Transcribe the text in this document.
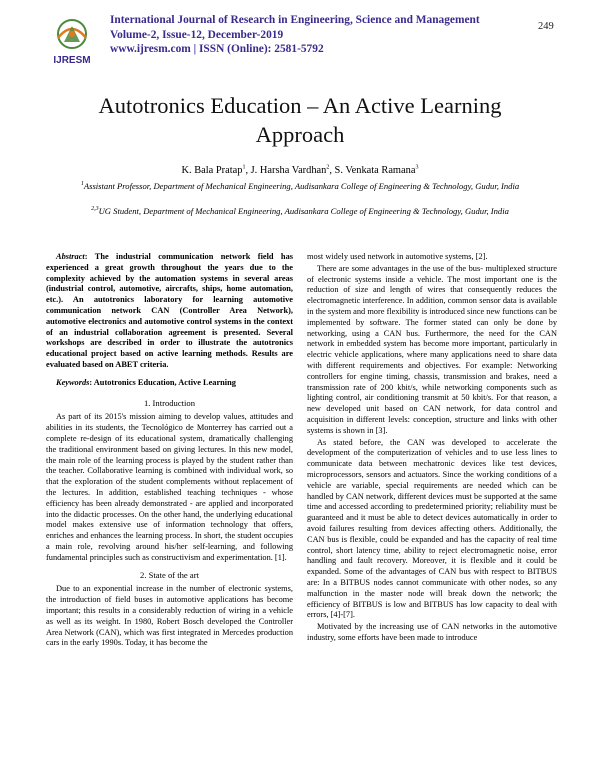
IJRESM
International Journal of Research in Engineering, Science and Management
Volume-2, Issue-12, December-2019
www.ijresm.com | ISSN (Online): 2581-5792
249
Autotronics Education – An Active Learning
Approach
K. Bala Pratap$^1$, J. Harsha Vardhan$^2$, S. Venkata Ramana$^3$
$^1$Assistant Professor, Department of Mechanical Engineering, Audisankara College of Engineering & Technology, Gudur, India
$^{2,3}$UG Student, Department of Mechanical Engineering, Audisankara College of Engineering & Technology, Gudur, India

Abstract: The industrial communication network field has experienced a great growth throughout the years due to the complexity achieved by the automation systems in several areas (industrial control, automotive, aircrafts, ships, home automation, etc.). An autotronics laboratory for learning automotive communication network CAN (Controller Area Network), automotive electronics and automotive control systems in the context of an industrial collaboration agreement is presented. Several workshops are described in order to illustrate the autotronics educational project based on active learning methods. Results are evaluated based on ABET criteria.

Keywords: Autotronics Education, Active Learning

1. Introduction

As part of its 2015's mission aiming to develop values, attitudes and abilities in its students, the Tecnológico de Monterrey has carried out a complete re-design of its educational system, dramatically challenging the traditional environment based on giving lectures. In this new model, the main role of the learning process is played by the student rather than the teacher. Collaborative learning is combined with individual work, so that the exploration of the student complements without replacement of the lectures. In addition, established teaching techniques - whose efficiency has been already demonstrated - are applied and incorporated into the didactic processes. On the other hand, the underlying educational model makes extensive use of information technology that offers, enriches and enhances the learning process. In short, the student occupies a main role, revolving around his/her self-learning, and following fundamental principles such as constructivism and experimentation. [1].

2. State of the art

Due to an exponential increase in the number of electronic systems, the introduction of field buses in automotive applications has become important; this results in a considerably reduction of wiring in a vehicle as well as its weight. In 1980, Robert Bosch developed the Controller Area Network (CAN), which was first integrated in Mercedes production cars in the early 1990s. Today, it has become the

most widely used network in automotive systems, [2].

There are some advantages in the use of the bus- multiplexed structure of electronic systems inside a vehicle. The most important one is the reduction of size and length of wires that consequently reduces the electromagnetic interference. In addition, common sensor data is available in the system and more flexibility is introduced since new functions can be implemented by software. The former stated can only be done by networking, using a CAN bus. Furthermore, the need for the CAN network in embedded system has become more important, particularly in electric vehicle applications, where many applications need to share data with different requirements and objectives. For example: Networking controllers for engine timing, chassis, transmission and brakes, need a transmission rate of 200 kbit/s, while networking components such as lighting control, air conditioning transmit at 50 kbit/s. For that reason, a new developed unit based on CAN network, for data control and acquisition in different levels: conception, structure and links with other systems is shown in [3].

As stated before, the CAN was developed to accelerate the development of the computerization of vehicles and to use less lines to communicate data between mechatronic devices like test devices, microprocessors, sensors and actuators. Since the working conditions of a vehicle are variable, special requirements are needed which can be handled by CAN network, different devices must be supported at the same time and accessed according to predetermined priority; reliability must be guaranteed and it must be able to detect devices automatically in order to avoid failures resulting from devices affecting others. Additionally, the CAN bus is flexible, could be expanded and has the capacity of real time control, short latency time, ability to reject electromagnetic noise, error handling and fault recovery. Moreover, it is flexible and it could be expanded. Some of the advantages of CAN bus with respect to BITBUS are: In a BITBUS nodes cannot communicate with other nodes, so any malfunction in the master node will break down the network; the efficiency of BITBUS is low and BITBUS has low capacity to deal with errors, [4]-[7].

Motivated by the increasing use of CAN networks in the automotive industry, some efforts have been made to introduce
